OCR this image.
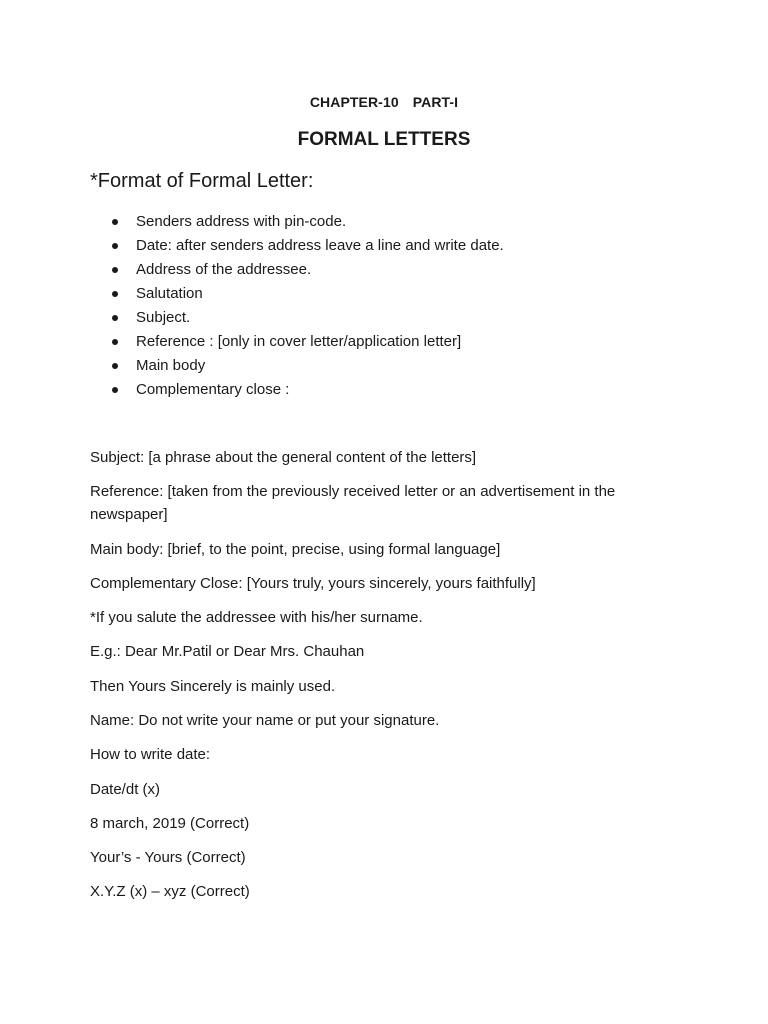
CHAPTER-10 PART-I
FORMAL LETTERS
*Format of Formal Letter:
Senders address with pin-code.
Date: after senders address leave a line and write date.
Address of the addressee.
Salutation
Subject.
Reference : [only in cover letter/application letter]
Main body
Complementary close :

Subject: [a phrase about the general content of the letters]

Reference: [taken from the previously received letter or an advertisement in the newspaper]

Main body: [brief, to the point, precise, using formal language]

Complementary Close: [Yours truly, yours sincerely, yours faithfully]

*If you salute the addressee with his/her surname.

E.g.: Dear Mr.Patil or Dear Mrs. Chauhan

Then Yours Sincerely is mainly used.

Name: Do not write your name or put your signature.

How to write date:

Date/dt (x)

8 march, 2019 (Correct)

Your’s - Yours (Correct)

X.Y.Z (x) – xyz (Correct)
